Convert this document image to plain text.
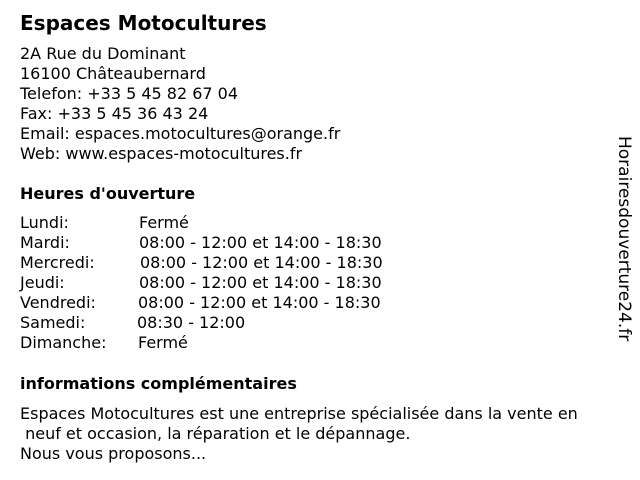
Espaces Motocultures
2A Rue du Dominant
16100 Châteaubernard
Telefon: +33 5 45 82 67 04
Fax: +33 5 45 36 43 24
Email: espaces.motocultures@orange.fr
Web: www.espaces-motocultures.fr
Heures d'ouverture

Lundi:

	Fermé

Mardi:

	08:00 - 12:00 et 14:00 - 18:30

Mercredi:

	08:00 - 12:00 et 14:00 - 18:30

Jeudi:

	08:00 - 12:00 et 14:00 - 18:30

Vendredi:

	08:00 - 12:00 et 14:00 - 18:30

Samedi:

	08:30 - 12:00

Dimanche:

Fermé

informations complémentaires
Espaces Motocultures est une entreprise spécialisée dans la vente en
neuf et occasion, la réparation et le dépannage.
Nous vous proposons...
Horairesdouverture24.fr
